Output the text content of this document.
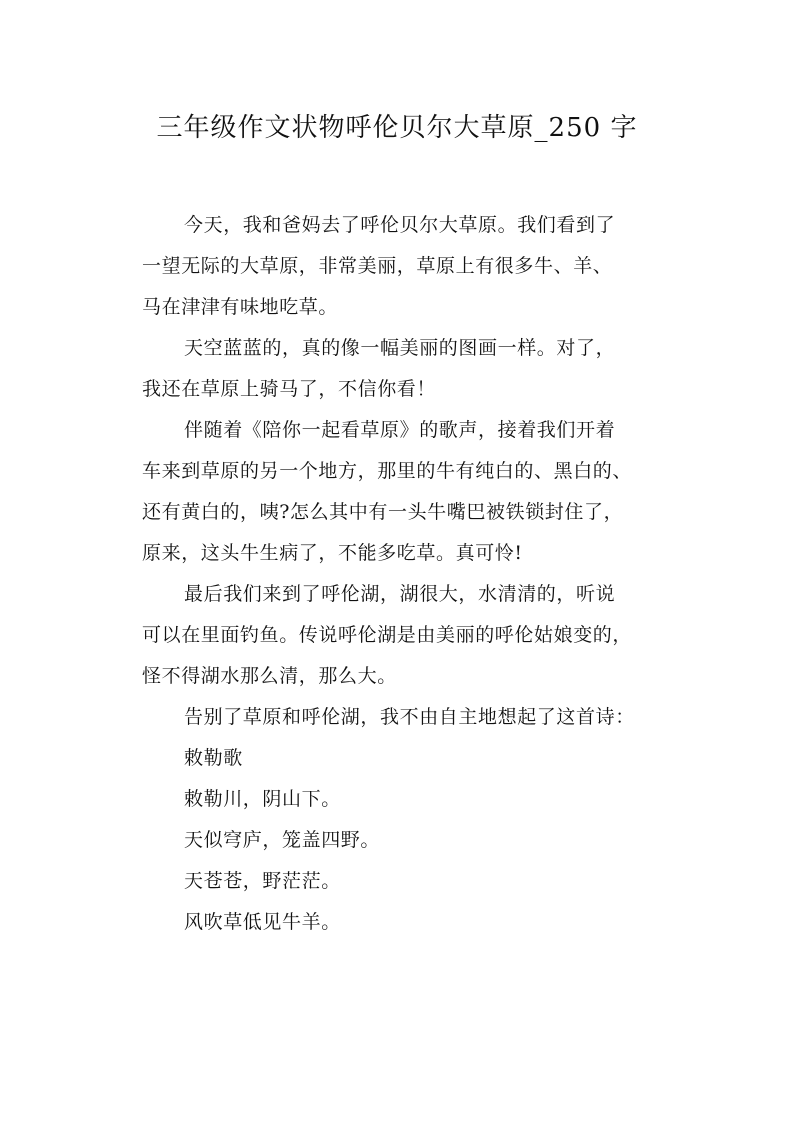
三年级作文状物呼伦贝尔大草原_250 字

今天，我和爸妈去了呼伦贝尔大草原。我们看到了
一望无际的大草原，非常美丽，草原上有很多牛、羊、
马在津津有味地吃草。

天空蓝蓝的，真的像一幅美丽的图画一样。对了，
我还在草原上骑马了，不信你看！

伴随着《陪你一起看草原》的歌声，接着我们开着
车来到草原的另一个地方，那里的牛有纯白的、黑白的、
还有黄白的，咦?怎么其中有一头牛嘴巴被铁锁封住了，
原来，这头牛生病了，不能多吃草。真可怜!

最后我们来到了呼伦湖，湖很大，水清清的，听说
可以在里面钓鱼。传说呼伦湖是由美丽的呼伦姑娘变的，
怪不得湖水那么清，那么大。

告别了草原和呼伦湖，我不由自主地想起了这首诗：

敕勒歌

敕勒川，阴山下。

天似穹庐，笼盖四野。

天苍苍，野茫茫。

风吹草低见牛羊。
